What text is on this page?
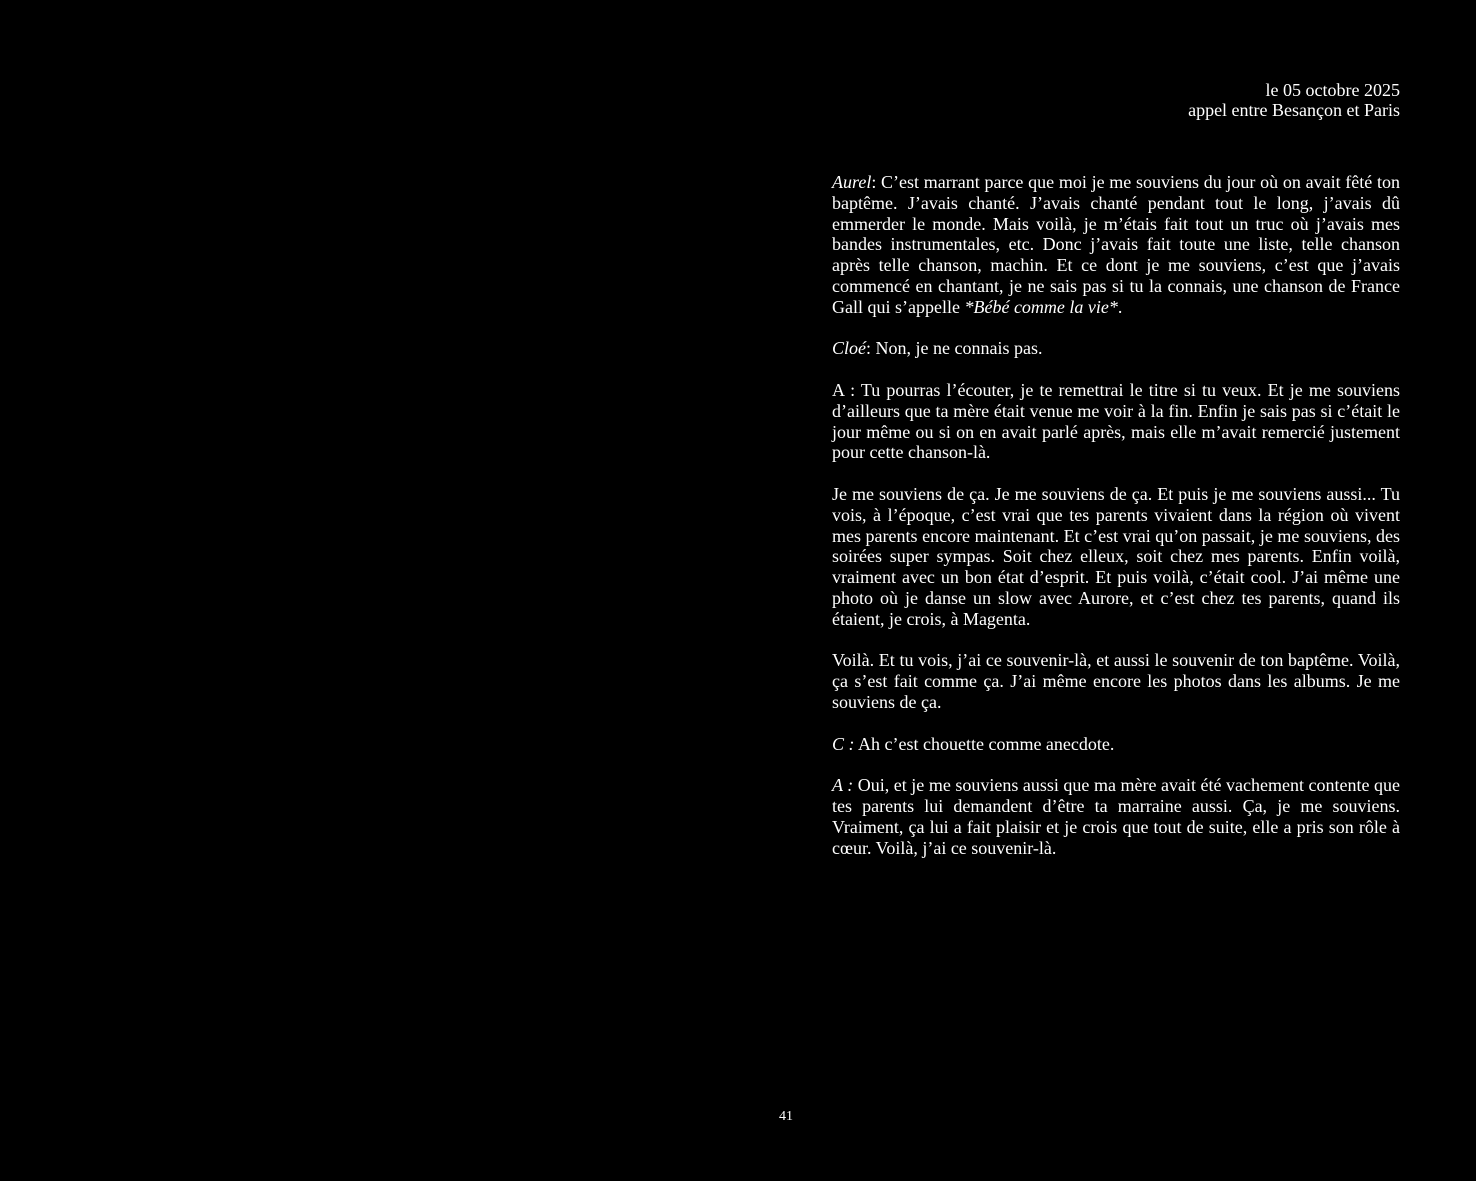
le 05 octobre 2025
appel entre Besançon et Paris

Aurel: C’est marrant parce que moi je me souviens du jour où on avait fêté ton baptême. J’avais chanté. J’avais chanté pendant tout le long, j’avais dû emmerder le monde. Mais voilà, je m’étais fait tout un truc où j’avais mes bandes instrumentales, etc. Donc j’avais fait toute une liste, telle chanson après telle chanson, machin. Et ce dont je me souviens, c’est que j’avais commencé en chantant, je ne sais pas si tu la connais, une chanson de France Gall qui s’appelle *Bébé comme la vie*.

Cloé: Non, je ne connais pas.

A : Tu pourras l’écouter, je te remettrai le titre si tu veux. Et je me souviens d’ailleurs que ta mère était venue me voir à la fin. Enfin je sais pas si c’était le jour même ou si on en avait parlé après, mais elle m’avait remercié justement pour cette chanson-là.

Je me souviens de ça. Je me souviens de ça. Et puis je me souviens aussi... Tu vois, à l’époque, c’est vrai que tes parents vivaient dans la région où vivent mes parents encore maintenant. Et c’est vrai qu’on passait, je me souviens, des soirées super sympas. Soit chez elleux, soit chez mes parents. Enfin voilà, vraiment avec un bon état d’esprit. Et puis voilà, c’était cool. J’ai même une photo où je danse un slow avec Aurore, et c’est chez tes parents, quand ils étaient, je crois, à Magenta.

Voilà. Et tu vois, j’ai ce souvenir-là, et aussi le souvenir de ton baptême. Voilà, ça s’est fait comme ça. J’ai même encore les photos dans les albums. Je me souviens de ça.

C : Ah c’est chouette comme anecdote.

A : Oui, et je me souviens aussi que ma mère avait été vachement contente que tes parents lui demandent d’être ta marraine aussi. Ça, je me souviens. Vraiment, ça lui a fait plaisir et je crois que tout de suite, elle a pris son rôle à cœur. Voilà, j’ai ce souvenir-là.

41
